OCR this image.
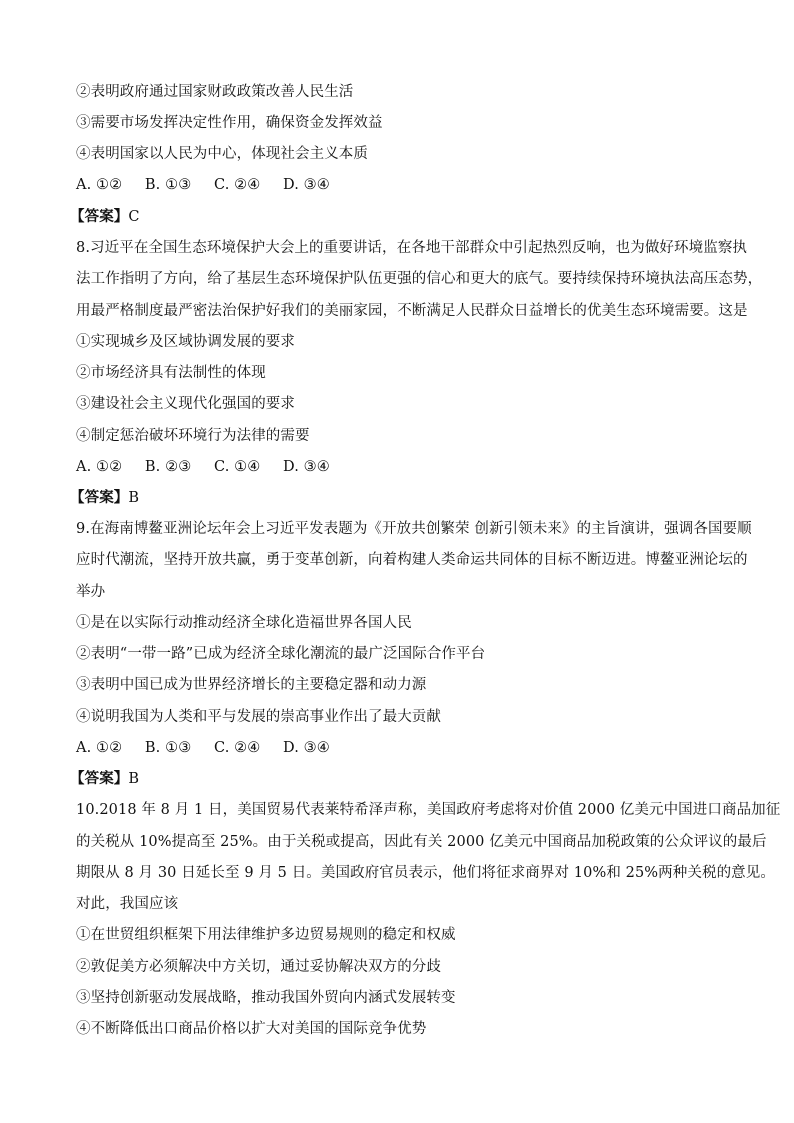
②表明政府通过国家财政政策改善人民生活
③需要市场发挥决定性作用，确保资金发挥效益
④表明国家以人民为中心，体现社会主义本质
A. ①② B. ①③ C. ②④ D. ③④
【答案】C
8.习近平在全国生态环境保护大会上的重要讲话，在各地干部群众中引起热烈反响，也为做好环境监察执
法工作指明了方向，给了基层生态环境保护队伍更强的信心和更大的底气。要持续保持环境执法高压态势，
用最严格制度最严密法治保护好我们的美丽家园，不断满足人民群众日益增长的优美生态环境需要。这是
①实现城乡及区域协调发展的要求
②市场经济具有法制性的体现
③建设社会主义现代化强国的要求
④制定惩治破坏环境行为法律的需要
A. ①② B. ②③ C. ①④ D. ③④
【答案】B
9.在海南博鳌亚洲论坛年会上习近平发表题为《开放共创繁荣 创新引领未来》的主旨演讲，强调各国要顺
应时代潮流，坚持开放共赢，勇于变革创新，向着构建人类命运共同体的目标不断迈进。博鳌亚洲论坛的
举办
①是在以实际行动推动经济全球化造福世界各国人民
②表明“一带一路”已成为经济全球化潮流的最广泛国际合作平台
③表明中国已成为世界经济增长的主要稳定器和动力源
④说明我国为人类和平与发展的崇高事业作出了最大贡献
A. ①② B. ①③ C. ②④ D. ③④
【答案】B
10.2018 年 8 月 1 日，美国贸易代表莱特希泽声称，美国政府考虑将对价值 2000 亿美元中国进口商品加征
的关税从 10%提高至 25%。由于关税或提高，因此有关 2000 亿美元中国商品加税政策的公众评议的最后
期限从 8 月 30 日延长至 9 月 5 日。美国政府官员表示，他们将征求商界对 10%和 25%两种关税的意见。
对此，我国应该
①在世贸组织框架下用法律维护多边贸易规则的稳定和权威
②敦促美方必须解决中方关切，通过妥协解决双方的分歧
③坚持创新驱动发展战略，推动我国外贸向内涵式发展转变
④不断降低出口商品价格以扩大对美国的国际竞争优势
